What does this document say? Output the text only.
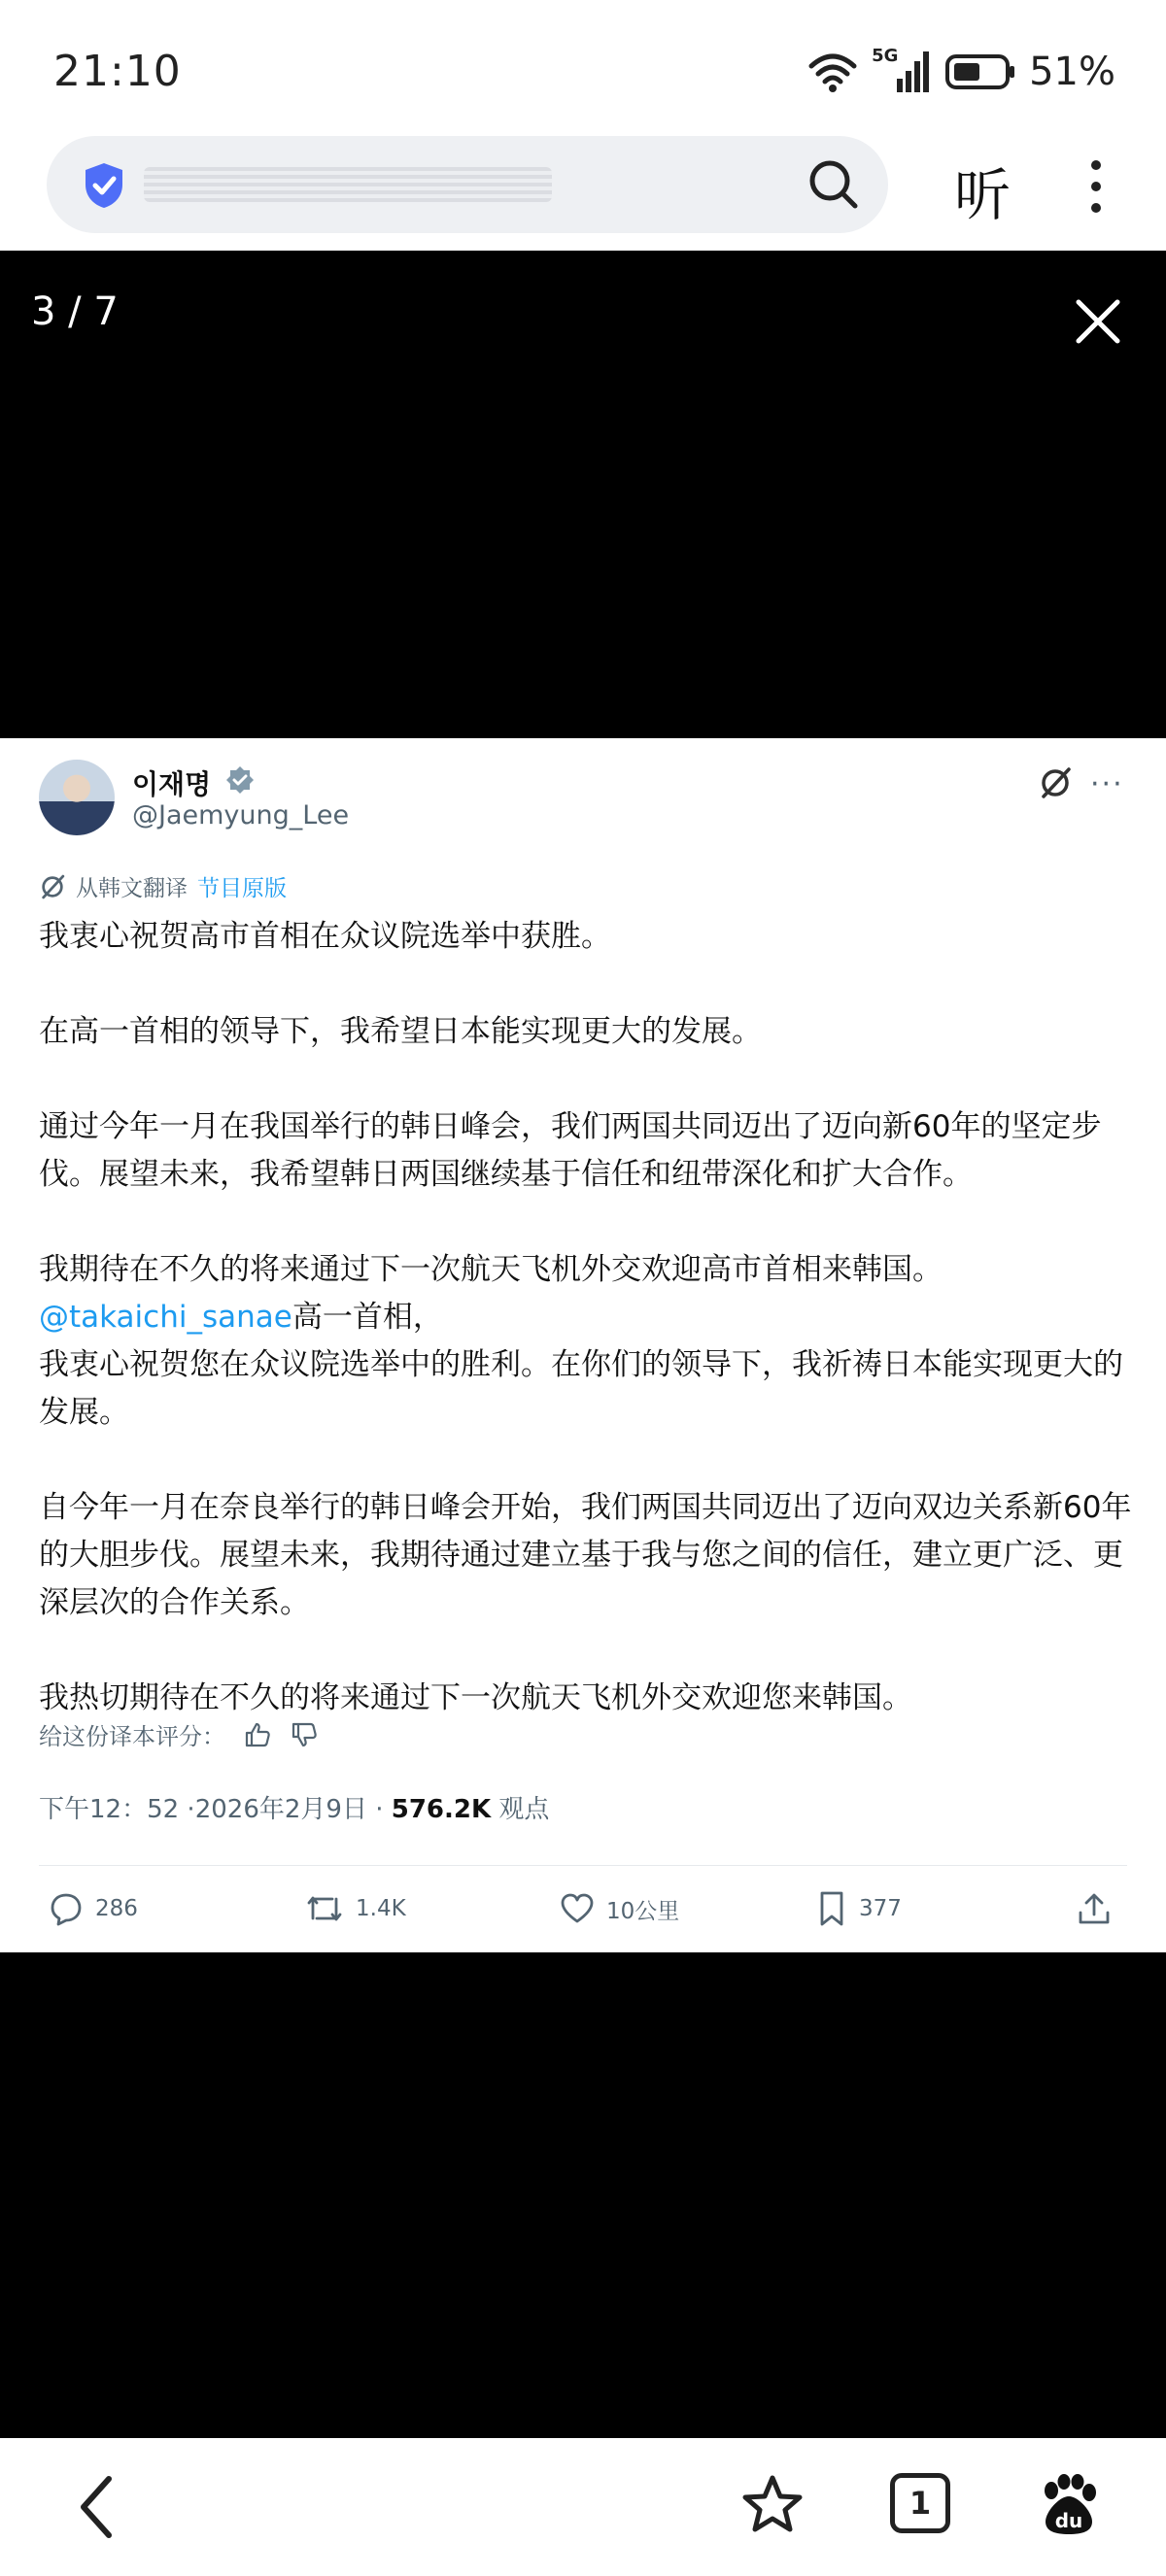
21:10	5G	51%
听
3 / 7
이재명
@Jaemyung_Lee
···
从韩文翻译 节目原版

我衷心祝贺高市首相在众议院选举中获胜。

在高一首相的领导下，我希望日本能实现更大的发展。

通过今年一月在我国举行的韩日峰会，我们两国共同迈出了迈向新60年的坚定步伐。展望未来，我希望韩日两国继续基于信任和纽带深化和扩大合作。

我期待在不久的将来通过下一次航天飞机外交欢迎高市首相来韩国。

@takaichi_sanae高一首相，

我衷心祝贺您在众议院选举中的胜利。在你们的领导下，我祈祷日本能实现更大的发展。

自今年一月在奈良举行的韩日峰会开始，我们两国共同迈出了迈向双边关系新60年的大胆步伐。展望未来，我期待通过建立基于我与您之间的信任，建立更广泛、更深层次的合作关系。

我热切期待在不久的将来通过下一次航天飞机外交欢迎您来韩国。

给这份译本评分：
下午12：52 ·2026年2月9日 · 576.2K 观点
286	1.4K	10公里	377
1	du
